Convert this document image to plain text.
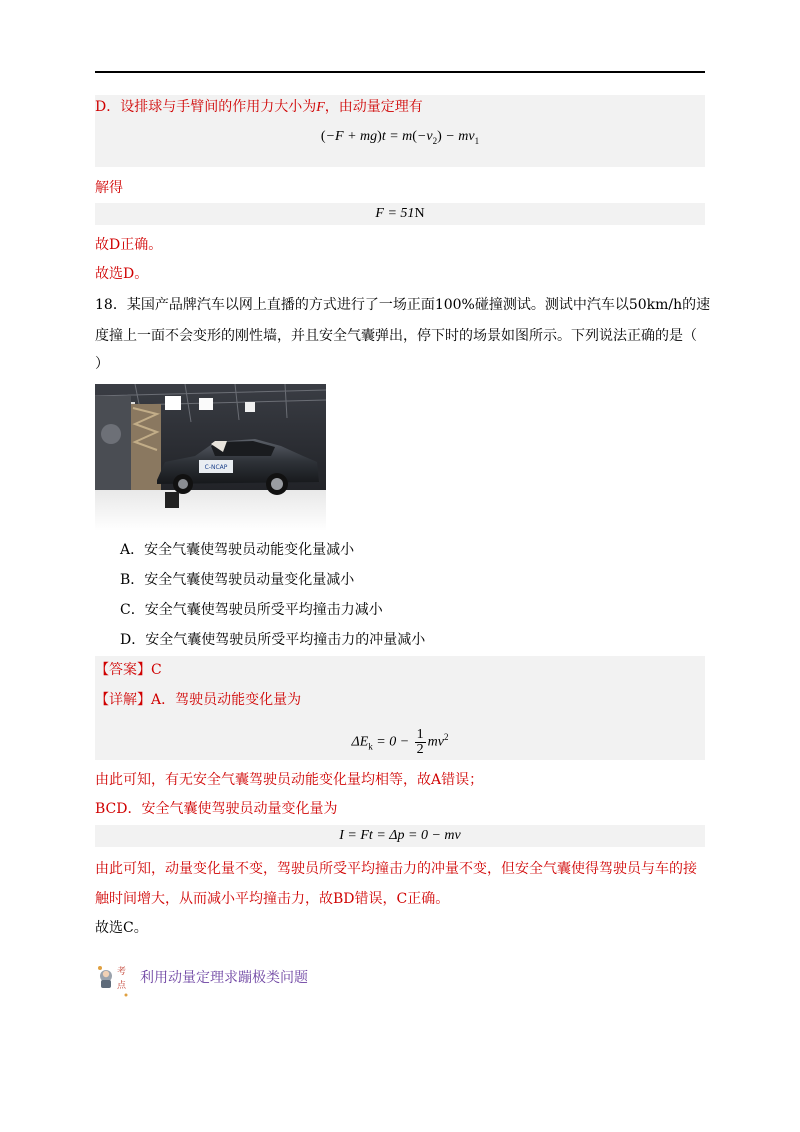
D．设排球与手臂间的作用力大小为F，由动量定理有
$(-F + mg)t = m(-v_2) - mv_1$
解得
F = 51N
故D正确。
故选D。
18．某国产品牌汽车以网上直播的方式进行了一场正面100%碰撞测试。测试中汽车以50km/h的速
度撞上一面不会变形的刚性墙，并且安全气囊弹出，停下时的场景如图所示。下列说法正确的是（
）
C-NCAP
A．安全气囊使驾驶员动能变化量减小
B．安全气囊使驾驶员动量变化量减小
C．安全气囊使驾驶员所受平均撞击力减小
D．安全气囊使驾驶员所受平均撞击力的冲量减小
【答案】C
【详解】A．驾驶员动能变化量为
$\Delta E_k = 0 - \frac{1}{2} mv^2$
由此可知，有无安全气囊驾驶员动能变化量均相等，故A错误；
BCD．安全气囊使驾驶员动量变化量为
I = Ft = Δp = 0 − mv
由此可知，动量变化量不变，驾驶员所受平均撞击力的冲量不变，但安全气囊使得驾驶员与车的接
触时间增大，从而减小平均撞击力，故BD错误，C正确。
故选C。
考
点 利用动量定理求蹦极类问题
